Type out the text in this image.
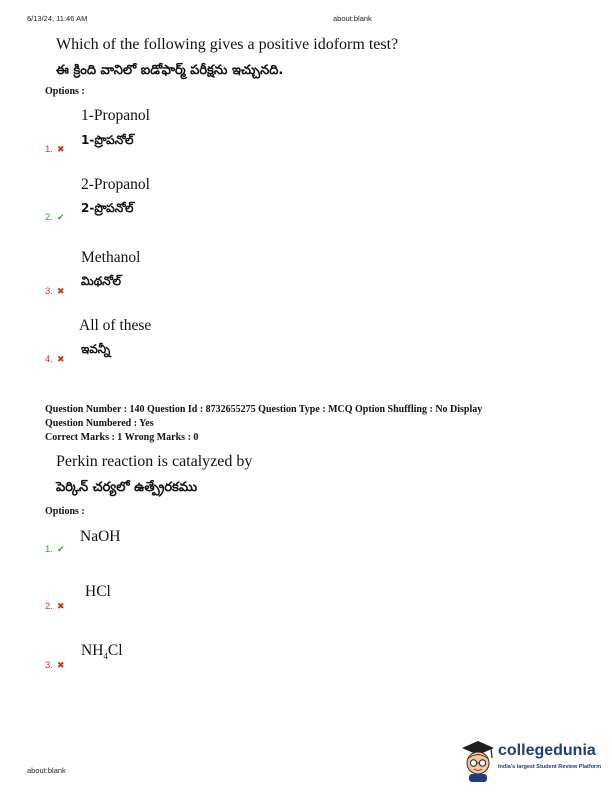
6/13/24, 11:46 AM	about:blank
Which of the following gives a positive idoform test?
ఈ క్రింది వానిలో ఐడోఫార్మ్ పరీక్షను ఇచ్చునది.
Options :
1-Propanol
1-ప్రొపనోల్
1. ✖
2-Propanol
2-ప్రొపనోల్
2. ✔
Methanol
మిథనోల్
3. ✖
All of these
ఇవన్నీ
4. ✖
Question Number : 140 Question Id : 8732655275 Question Type : MCQ Option Shuffling : No Display
Question Numbered : Yes
Correct Marks : 1 Wrong Marks : 0
Perkin reaction is catalyzed by
పెర్కిన్ చర్యలో ఉత్ప్రేరకము
Options :
NaOH
1. ✔
HCl
2. ✖
$NH_4Cl$
3. ✖
about:blank
collegedunia
India's largest Student Review Platform
